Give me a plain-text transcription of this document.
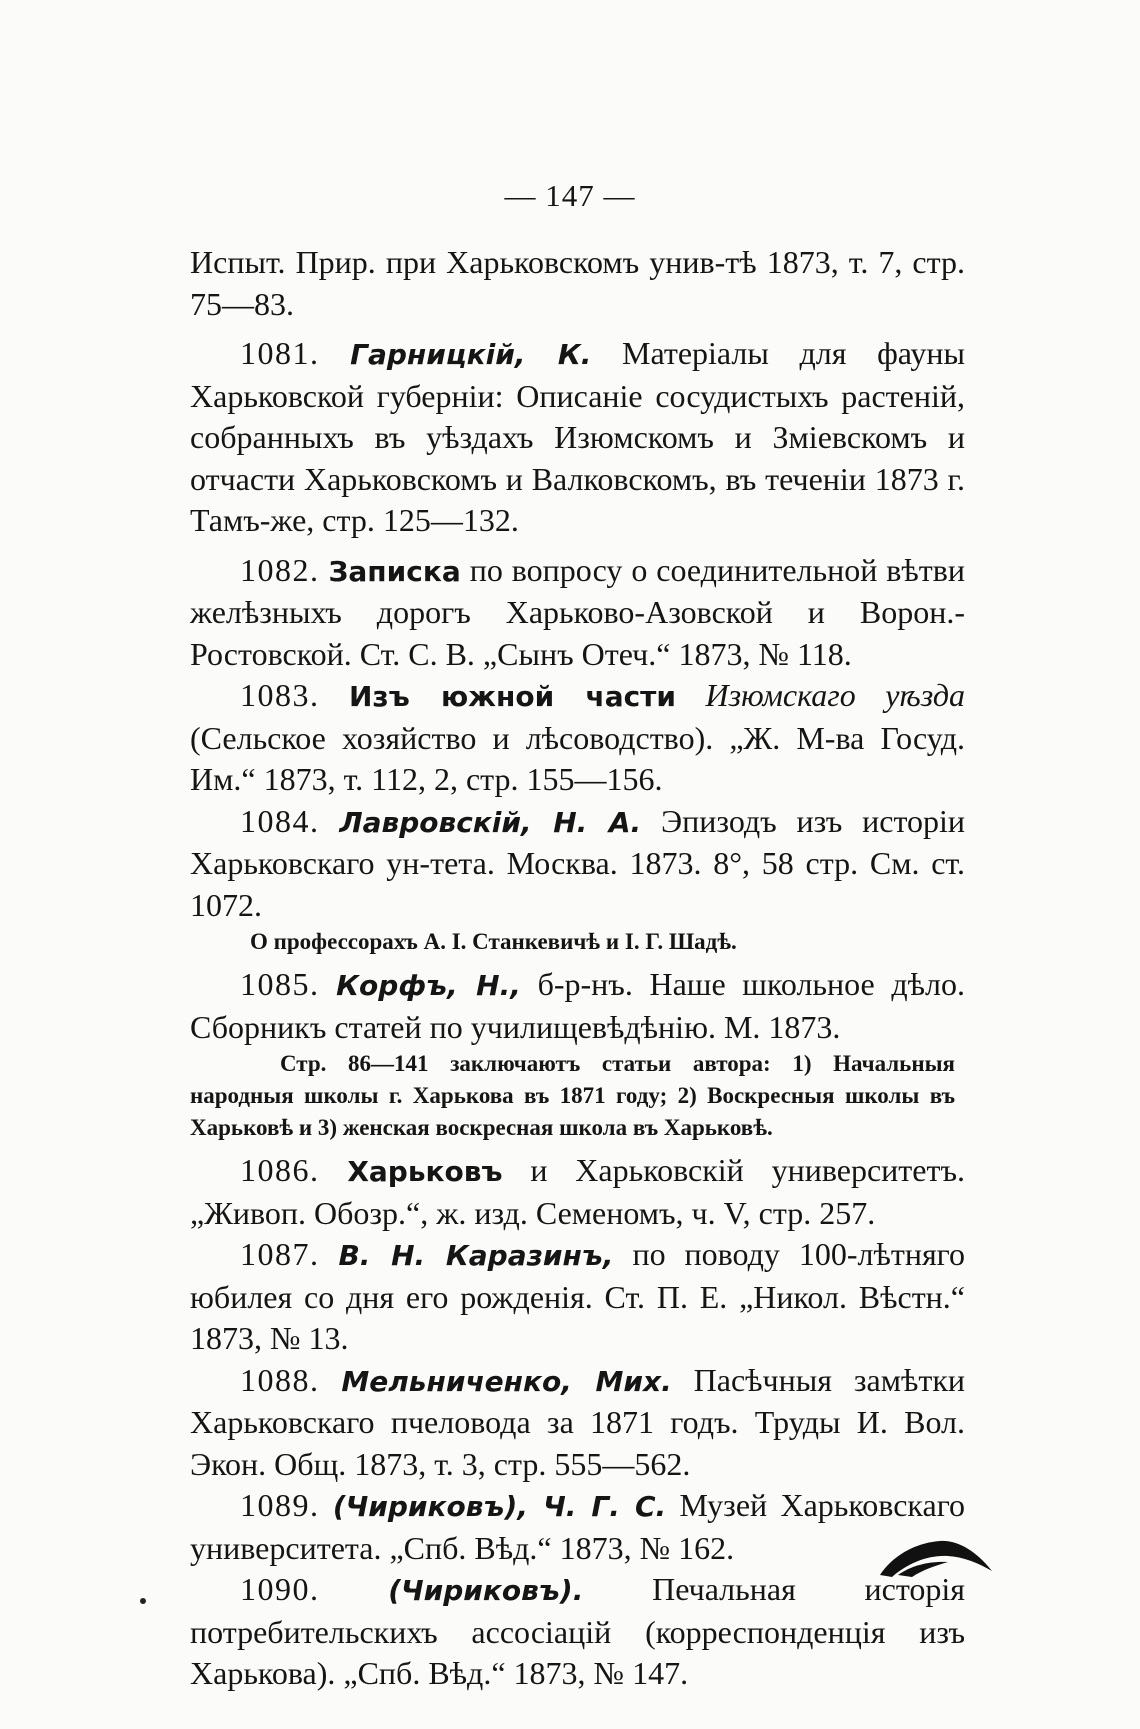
— 147 —
Испыт. Прир. при Харьковскомъ унив-тѣ 1873, т. 7, стр. 75—83.
1081. Гарницкій, К. Матеріалы для фауны Харьковской губерніи: Описаніе сосудистыхъ растеній, собранныхъ въ уѣздахъ Изюмскомъ и Зміевскомъ и отчасти Харьковскомъ и Валковскомъ, въ теченіи 1873 г. Тамъ-же, стр. 125—132.
1082. Записка по вопросу о соединительной вѣтви желѣзныхъ дорогъ Харьково-Азовской и Ворон.-Ростовской. Ст. С. В. „Сынъ Отеч.“ 1873, № 118.
1083. Изъ южной части Изюмскаго уѣзда (Сельское хозяйство и лѣсоводство). „Ж. М-ва Госуд. Им.“ 1873, т. 112, 2, стр. 155—156.
1084. Лавровскій, Н. А. Эпизодъ изъ исторіи Харьковскаго ун-тета. Москва. 1873. 8°, 58 стр. См. ст. 1072.
О профессорахъ А. І. Станкевичѣ и І. Г. Шадѣ.
1085. Корфъ, Н., б-р-нъ. Наше школьное дѣло. Сборникъ статей по училищевѣдѣнію. М. 1873.
Стр. 86—141 заключаютъ статьи автора: 1) Начальныя народныя школы г. Харькова въ 1871 году; 2) Воскресныя школы въ Харьковѣ и 3) женская воскресная школа въ Харьковѣ.
1086. Харьковъ и Харьковскій университетъ. „Живоп. Обозр.“, ж. изд. Семеномъ, ч. V, стр. 257.
1087. В. Н. Каразинъ, по поводу 100-лѣтняго юбилея со дня его рожденія. Ст. П. Е. „Никол. Вѣстн.“ 1873, № 13.
1088. Мельниченко, Мих. Пасѣчныя замѣтки Харьковскаго пчеловода за 1871 годъ. Труды И. Вол. Экон. Общ. 1873, т. 3, стр. 555—562.
1089. (Чириковъ), Ч. Г. С. Музей Харьковскаго университета. „Спб. Вѣд.“ 1873, № 162.
1090. (Чириковъ). Печальная исторія потребительскихъ ассосіацій (корреспонденція изъ Харькова). „Спб. Вѣд.“ 1873, № 147.
